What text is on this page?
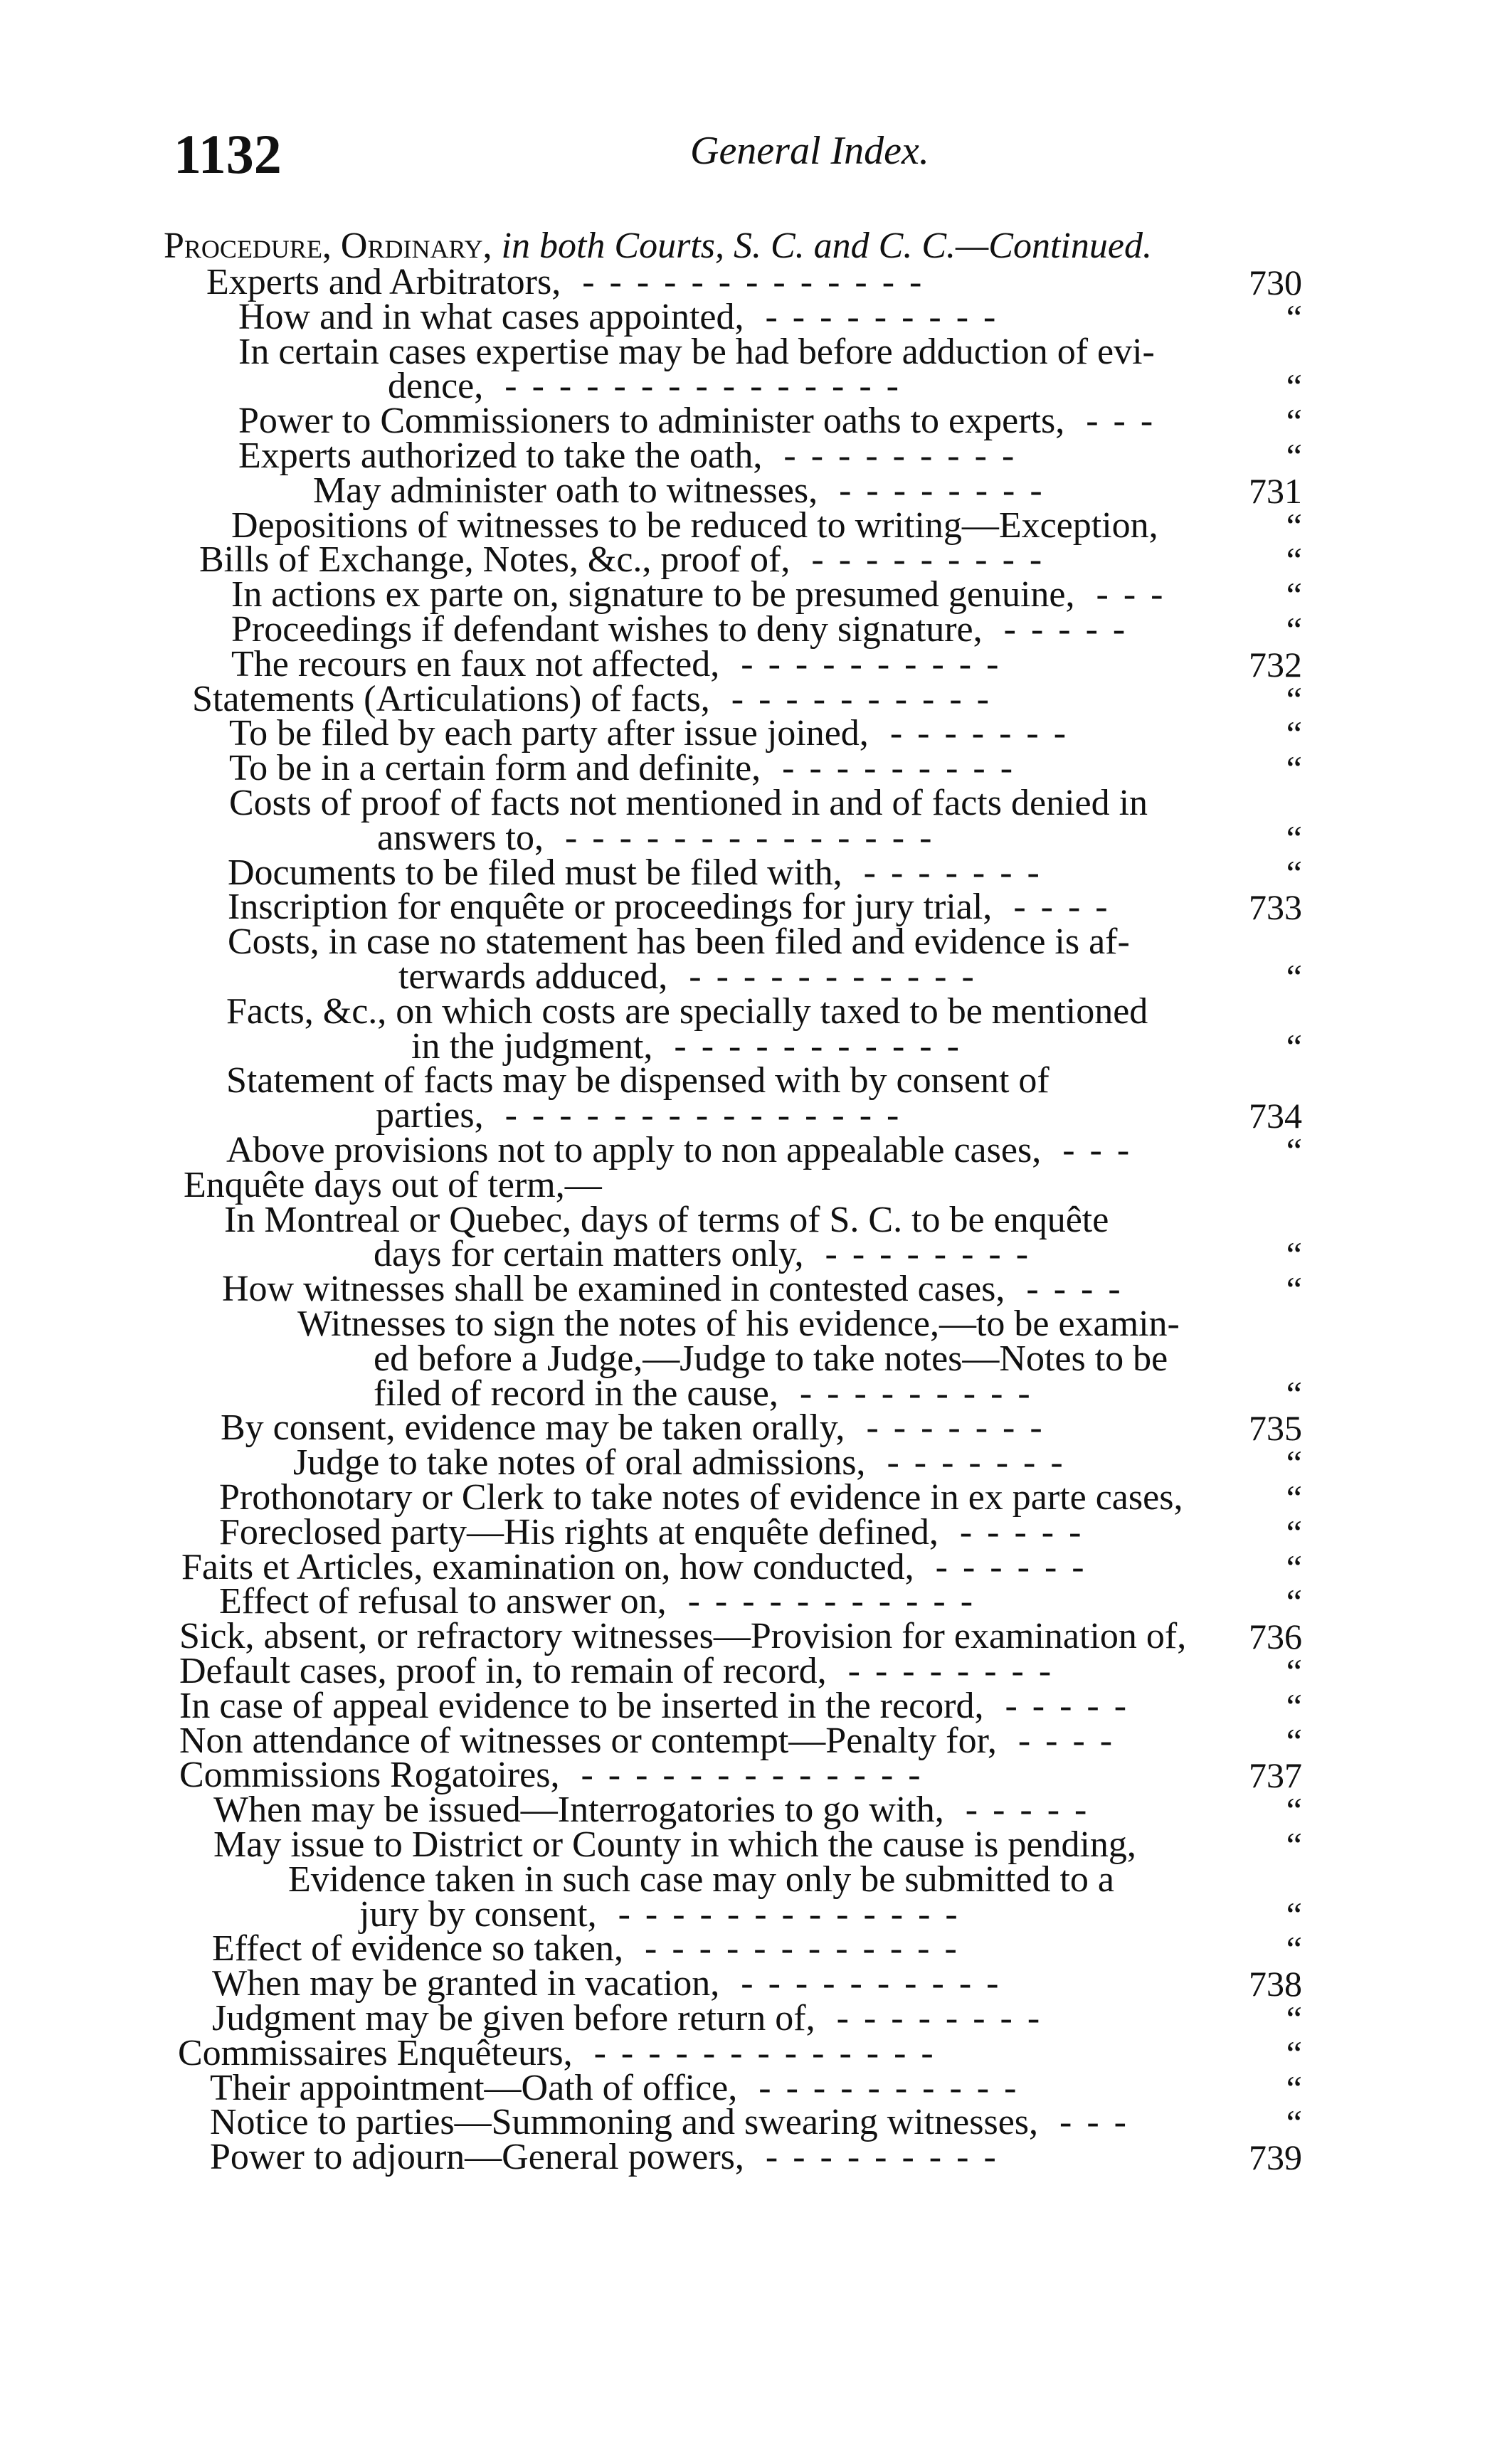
1132	General Index.
Procedure, Ordinary, in both Courts, S. C. and C. C.—Continued.
Experts and Arbitrators, - - - - - - - - - - - - -	730
How and in what cases appointed, - - - - - - - - -	“
In certain cases expertise may be had before adduction of evi-
dence, - - - - - - - - - - - - - - -	“
Power to Commissioners to administer oaths to experts, - - -	“
Experts authorized to take the oath, - - - - - - - - -	“
May administer oath to witnesses, - - - - - - - -	731
Depositions of witnesses to be reduced to writing—Exception,	“
Bills of Exchange, Notes, &c., proof of, - - - - - - - - -	“
In actions ex parte on, signature to be presumed genuine, - - -	“
Proceedings if defendant wishes to deny signature, - - - - -	“
The recours en faux not affected, - - - - - - - - - -	732
Statements (Articulations) of facts, - - - - - - - - - -	“
To be filed by each party after issue joined, - - - - - - -	“
To be in a certain form and definite, - - - - - - - - -	“
Costs of proof of facts not mentioned in and of facts denied in
answers to, - - - - - - - - - - - - - -	“
Documents to be filed must be filed with, - - - - - - -	“
Inscription for enquête or proceedings for jury trial, - - - -	733
Costs, in case no statement has been filed and evidence is af-
terwards adduced, - - - - - - - - - - -	“
Facts, &c., on which costs are specially taxed to be mentioned
in the judgment, - - - - - - - - - - -	“
Statement of facts may be dispensed with by consent of
parties, - - - - - - - - - - - - - - -	734
Above provisions not to apply to non appealable cases, - - -	“
Enquête days out of term,—
In Montreal or Quebec, days of terms of S. C. to be enquête
days for certain matters only, - - - - - - - -	“
How witnesses shall be examined in contested cases, - - - -	“
Witnesses to sign the notes of his evidence,—to be examin-
ed before a Judge,—Judge to take notes—Notes to be
filed of record in the cause, - - - - - - - - -	“
By consent, evidence may be taken orally, - - - - - - -	735
Judge to take notes of oral admissions, - - - - - - -	“
Prothonotary or Clerk to take notes of evidence in ex parte cases,	“
Foreclosed party—His rights at enquête defined, - - - - -	“
Faits et Articles, examination on, how conducted, - - - - - -	“
Effect of refusal to answer on, - - - - - - - - - - -	“
Sick, absent, or refractory witnesses—Provision for examination of,	736
Default cases, proof in, to remain of record, - - - - - - - -	“
In case of appeal evidence to be inserted in the record, - - - - -	“
Non attendance of witnesses or contempt—Penalty for, - - - -	“
Commissions Rogatoires, - - - - - - - - - - - - -	737
When may be issued—Interrogatories to go with, - - - - -	“
May issue to District or County in which the cause is pending,	“
Evidence taken in such case may only be submitted to a
jury by consent, - - - - - - - - - - - - -	“
Effect of evidence so taken, - - - - - - - - - - - -	“
When may be granted in vacation, - - - - - - - - - -	738
Judgment may be given before return of, - - - - - - - -	“
Commissaires Enquêteurs, - - - - - - - - - - - - -	“
Their appointment—Oath of office, - - - - - - - - - -	“
Notice to parties—Summoning and swearing witnesses, - - -	“
Power to adjourn—General powers, - - - - - - - - -	739
